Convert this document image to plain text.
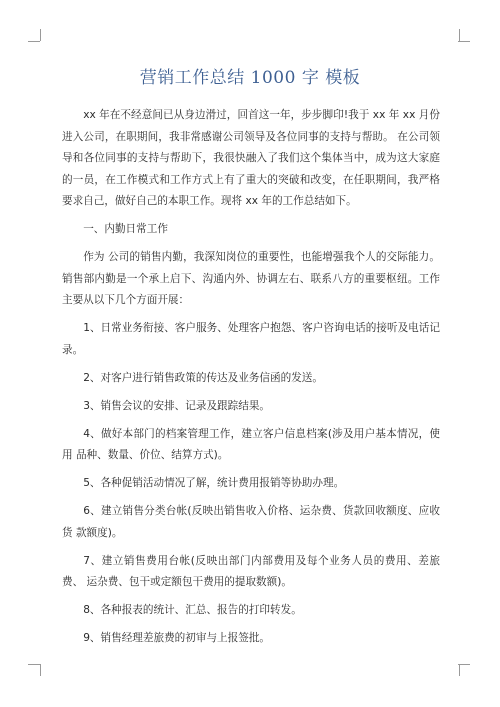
营销工作总结 1000 字 模板

xx 年在不经意间已从身边滑过，回首这一年，步步脚印!我于 xx 年 xx 月份进入公司，在职期间，我非常感谢公司领导及各位同事的支持与帮助。 在公司领导和各位同事的支持与帮助下，我很快融入了我们这个集体当中，成为这大家庭的一员，在工作模式和工作方式上有了重大的突破和改变，在任职期间，我严格要求自己，做好自己的本职工作。现将 xx 年的工作总结如下。

一、内勤日常工作

作为 公司的销售内勤，我深知岗位的重要性，也能增强我个人的交际能力。销售部内勤是一个承上启下、沟通内外、协调左右、联系八方的重要枢纽。工作主要从以下几个方面开展：

1、日常业务衔接、客户服务、处理客户抱怨、客户咨询电话的接听及电话记录。

2、对客户进行销售政策的传达及业务信函的发送。

3、销售会议的安排、记录及跟踪结果。

4、做好本部门的档案管理工作，建立客户信息档案(涉及用户基本情况，使用 品种、数量、价位、结算方式)。

5、各种促销活动情况了解，统计费用报销等协助办理。

6、建立销售分类台帐(反映出销售收入价格、运杂费、货款回收额度、应收货 款额度)。

7、建立销售费用台帐(反映出部门内部费用及每个业务人员的费用、差旅费、 运杂费、包干或定额包干费用的提取数额)。

8、各种报表的统计、汇总、报告的打印转发。

9、销售经理差旅费的初审与上报签批。
